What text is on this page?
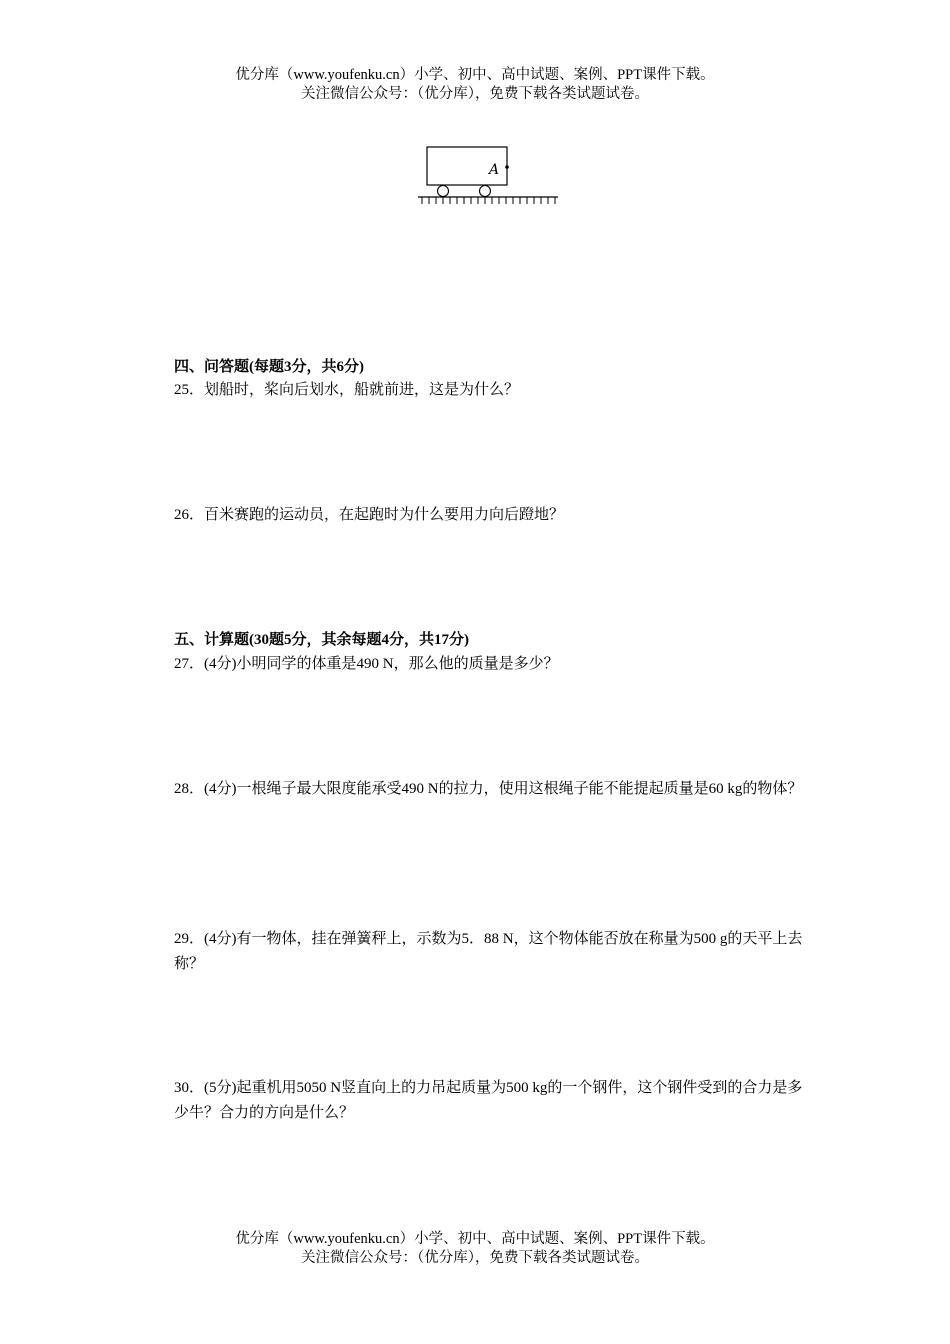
优分库（www.youfenku.cn）小学、初中、高中试题、案例、PPT课件下载。
关注微信公众号：（优分库），免费下载各类试题试卷。
A
四、问答题(每题3分，共6分)
25．划船时，桨向后划水，船就前进，这是为什么？
26．百米赛跑的运动员，在起跑时为什么要用力向后蹬地？
五、计算题(30题5分，其余每题4分，共17分)
27．(4分)小明同学的体重是490 N，那么他的质量是多少？
28．(4分)一根绳子最大限度能承受490 N的拉力，使用这根绳子能不能提起质量是60 kg的物体？
29．(4分)有一物体，挂在弹簧秤上，示数为5．88 N，这个物体能否放在称量为500 g的天平上去称？
30．(5分)起重机用5050 N竖直向上的力吊起质量为500 kg的一个钢件，这个钢件受到的合力是多少牛？合力的方向是什么？
优分库（www.youfenku.cn）小学、初中、高中试题、案例、PPT课件下载。
关注微信公众号：（优分库），免费下载各类试题试卷。
